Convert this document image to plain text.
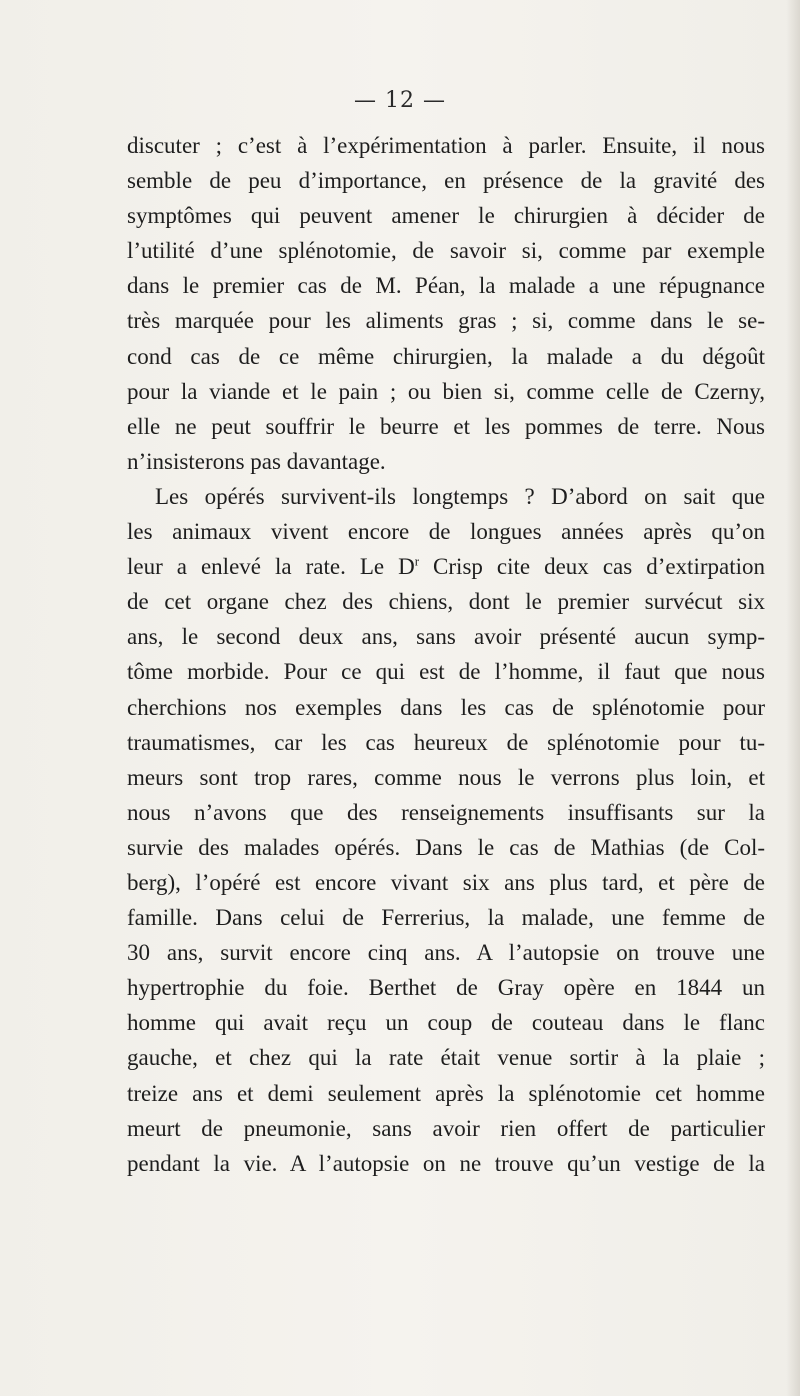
— 12 —
discuter ; c’est à l’expérimentation à parler. Ensuite, il nous
semble de peu d’importance, en présence de la gravité des
symptômes qui peuvent amener le chirurgien à décider de
l’utilité d’une splénotomie, de savoir si, comme par exemple
dans le premier cas de M. Péan, la malade a une répugnance
très marquée pour les aliments gras ; si, comme dans le se-
cond cas de ce même chirurgien, la malade a du dégoût
pour la viande et le pain ; ou bien si, comme celle de Czerny,
elle ne peut souffrir le beurre et les pommes de terre. Nous
n’insisterons pas davantage.
Les opérés survivent-ils longtemps ? D’abord on sait que
les animaux vivent encore de longues années après qu’on
leur a enlevé la rate. Le $D^r$ Crisp cite deux cas d’extirpation
de cet organe chez des chiens, dont le premier survécut six
ans, le second deux ans, sans avoir présenté aucun symp-
tôme morbide. Pour ce qui est de l’homme, il faut que nous
cherchions nos exemples dans les cas de splénotomie pour
traumatismes, car les cas heureux de splénotomie pour tu-
meurs sont trop rares, comme nous le verrons plus loin, et
nous n’avons que des renseignements insuffisants sur la
survie des malades opérés. Dans le cas de Mathias (de Col-
berg), l’opéré est encore vivant six ans plus tard, et père de
famille. Dans celui de Ferrerius, la malade, une femme de
30 ans, survit encore cinq ans. A l’autopsie on trouve une
hypertrophie du foie. Berthet de Gray opère en 1844 un
homme qui avait reçu un coup de couteau dans le flanc
gauche, et chez qui la rate était venue sortir à la plaie ;
treize ans et demi seulement après la splénotomie cet homme
meurt de pneumonie, sans avoir rien offert de particulier
pendant la vie. A l’autopsie on ne trouve qu’un vestige de la
